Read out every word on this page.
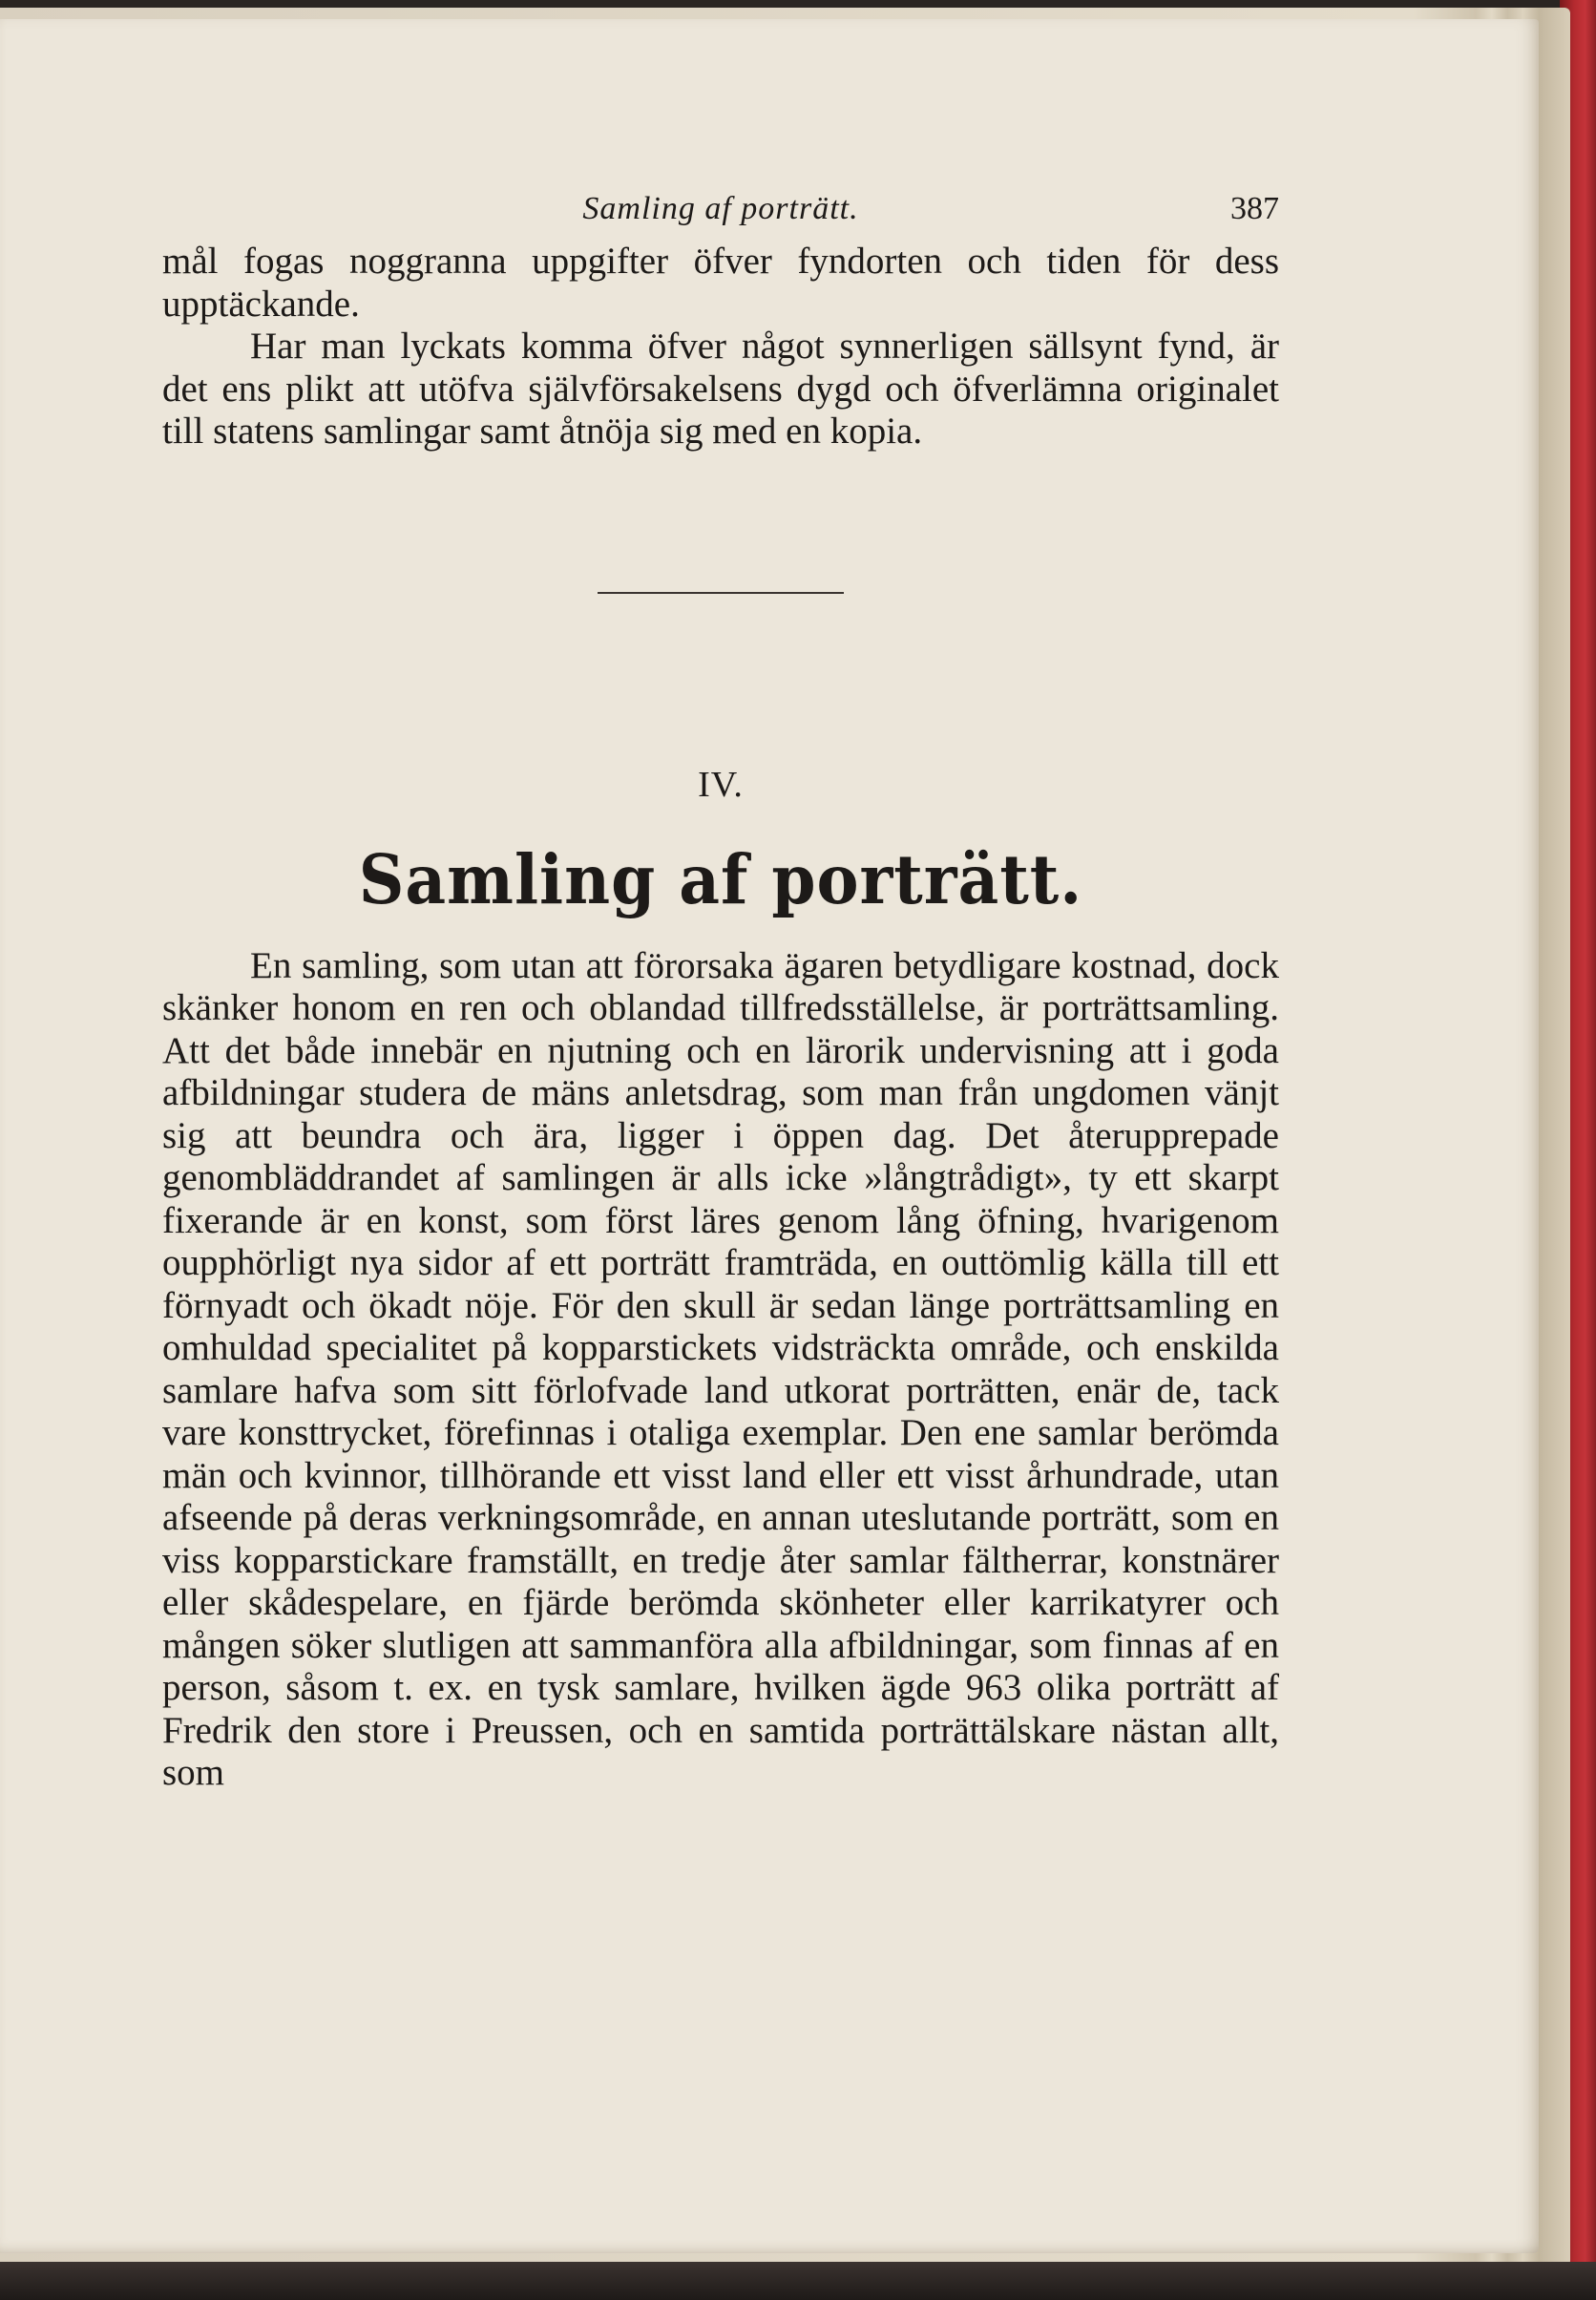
Samling af porträtt.	387

mål fogas noggranna uppgifter öfver fyndorten och tiden för dess upptäckande.

Har man lyckats komma öfver något synnerligen sällsynt fynd, är det ens plikt att utöfva självförsakelsens dygd och öfverlämna originalet till statens samlingar samt åtnöja sig med en kopia.

IV.
Samling af porträtt.

En samling, som utan att förorsaka ägaren betydligare kostnad, dock skänker honom en ren och oblandad tillfredsställelse, är porträttsamling. Att det både innebär en njutning och en lärorik undervisning att i goda afbildningar studera de mäns anletsdrag, som man från ungdomen vänjt sig att beundra och ära, ligger i öppen dag. Det återupprepade genombläddrandet af samlingen är alls icke »långtrådigt», ty ett skarpt fixerande är en konst, som först läres genom lång öfning, hvarigenom oupphörligt nya sidor af ett porträtt framträda, en outtömlig källa till ett förnyadt och ökadt nöje. För den skull är sedan länge porträttsamling en omhuldad specialitet på kopparstickets vidsträckta område, och enskilda samlare hafva som sitt förlofvade land utkorat porträtten, enär de, tack vare konsttrycket, förefinnas i otaliga exemplar. Den ene samlar berömda män och kvinnor, tillhörande ett visst land eller ett visst århundrade, utan afseende på deras verkningsområde, en annan uteslutande porträtt, som en viss kopparstickare framställt, en tredje åter samlar fältherrar, konstnärer eller skådespelare, en fjärde berömda skönheter eller karrikatyrer och mången söker slutligen att sammanföra alla afbildningar, som finnas af en person, såsom t. ex. en tysk samlare, hvilken ägde 963 olika porträtt af Fredrik den store i Preussen, och en samtida porträttälskare nästan allt, som
